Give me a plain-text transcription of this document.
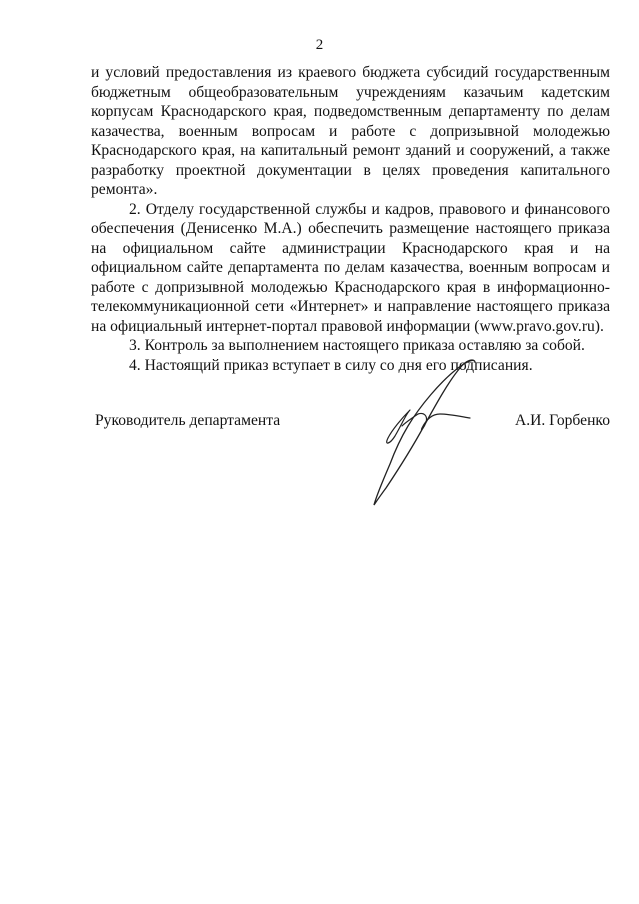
2

и условий предоставления из краевого бюджета субсидий государственным бюджетным общеобразовательным учреждениям казачьим кадетским корпусам Краснодарского края, подведомственным департаменту по делам казачества, военным вопросам и работе с допризывной молодежью Краснодарского края, на капитальный ремонт зданий и сооружений, а также разработку проектной документации в целях проведения капитального ремонта».

2. Отделу государственной службы и кадров, правового и финансового обеспечения (Денисенко М.А.) обеспечить размещение настоящего приказа на официальном сайте администрации Краснодарского края и на официальном сайте департамента по делам казачества, военным вопросам и работе с допризывной молодежью Краснодарского края в информационно-телекоммуникационной сети «Интернет» и направление настоящего приказа на официальный интернет-портал правовой информации (www.pravo.gov.ru).

3. Контроль за выполнением настоящего приказа оставляю за собой.

4. Настоящий приказ вступает в силу со дня его подписания.

Руководитель департамента	А.И. Горбенко
